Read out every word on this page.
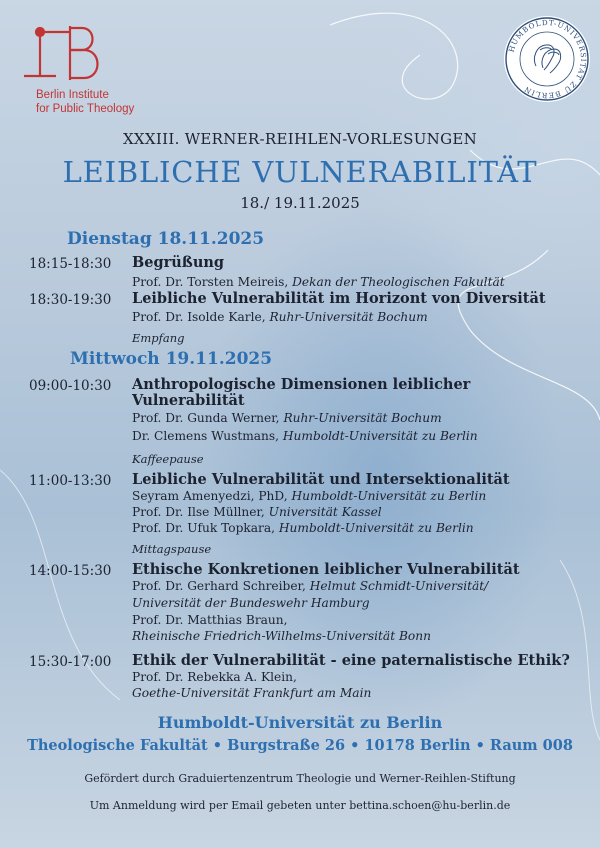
Berlin Institute
for Public Theology
HUMBOLDT-UNIVERSITÄT ZU BERLIN
XXXIII. WERNER-REIHLEN-VORLESUNGEN
LEIBLICHE VULNERABILITÄT
18./ 19.11.2025
Dienstag 18.11.2025
18:15-18:30 Begrüßung
Prof. Dr. Torsten Meireis, Dekan der Theologischen Fakultät
18:30-19:30 Leibliche Vulnerabilität im Horizont von Diversität
Prof. Dr. Isolde Karle, Ruhr-Universität Bochum
Empfang
Mittwoch 19.11.2025
09:00-10:30 Anthropologische Dimensionen leiblicher
Vulnerabilität
Prof. Dr. Gunda Werner, Ruhr-Universität Bochum
Dr. Clemens Wustmans, Humboldt-Universität zu Berlin
Kaffeepause
11:00-13:30 Leibliche Vulnerabilität und Intersektionalität
Seyram Amenyedzi, PhD, Humboldt-Universität zu Berlin
Prof. Dr. Ilse Müllner, Universität Kassel
Prof. Dr. Ufuk Topkara, Humboldt-Universität zu Berlin
Mittagspause
14:00-15:30 Ethische Konkretionen leiblicher Vulnerabilität
Prof. Dr. Gerhard Schreiber, Helmut Schmidt-Universität/
Universität der Bundeswehr Hamburg
Prof. Dr. Matthias Braun,
Rheinische Friedrich-Wilhelms-Universität Bonn
15:30-17:00 Ethik der Vulnerabilität - eine paternalistische Ethik?
Prof. Dr. Rebekka A. Klein,
Goethe-Universität Frankfurt am Main
Humboldt-Universität zu Berlin
Theologische Fakultät • Burgstraße 26 • 10178 Berlin • Raum 008
Gefördert durch Graduiertenzentrum Theologie und Werner-Reihlen-Stiftung
Um Anmeldung wird per Email gebeten unter bettina.schoen@hu-berlin.de
